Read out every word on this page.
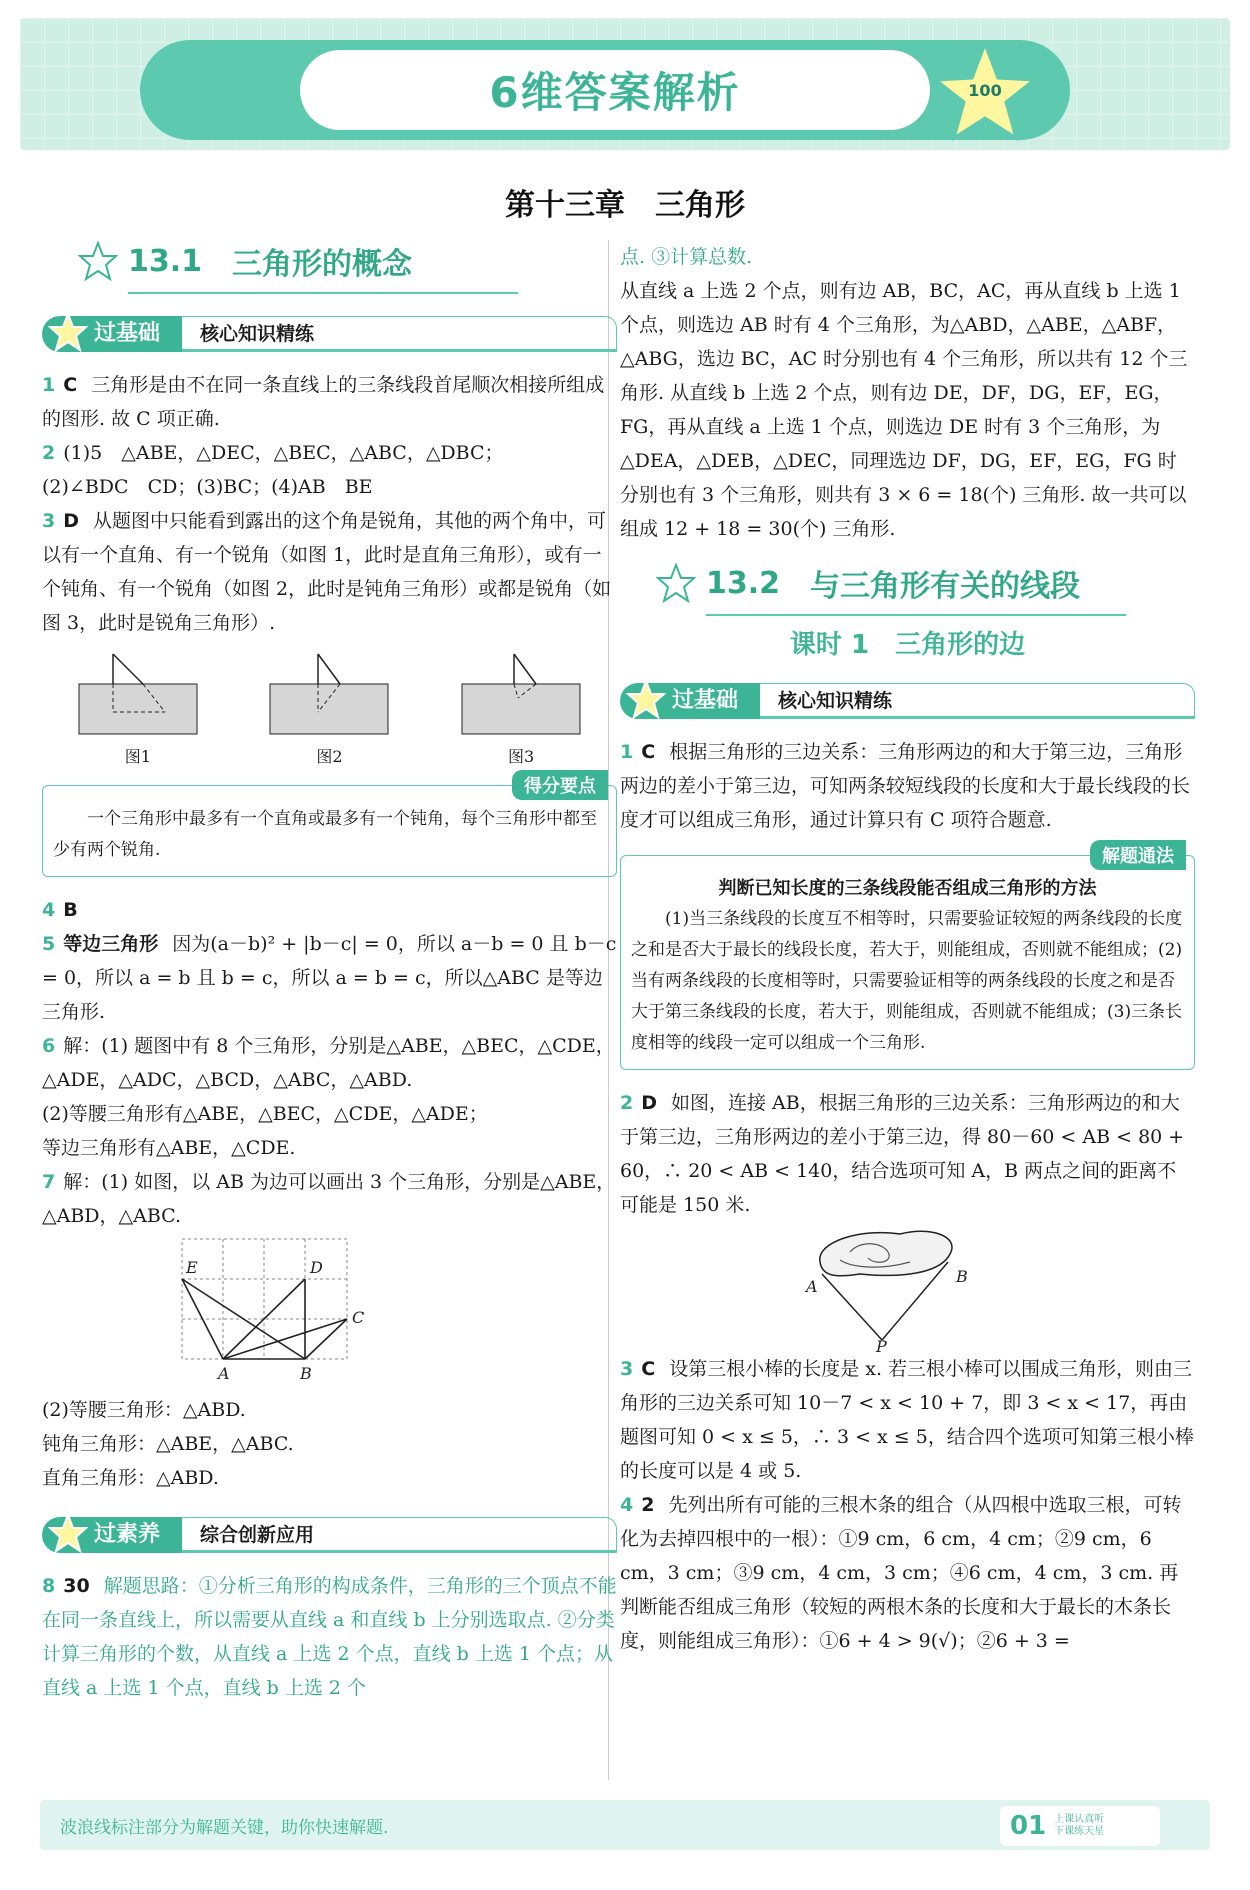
6维答案解析	100
第十三章　三角形
13.1 三角形的概念
过基础	核心知识精练

1 C 三角形是由不在同一条直线上的三条线段首尾顺次相接所组成的图形. 故 C 项正确.

2 (1)5　△ABE，△DEC，△BEC，△ABC，△DBC；
(2)∠BDC　CD；(3)BC；(4)AB　BE

3 D 从题图中只能看到露出的这个角是锐角，其他的两个角中，可以有一个直角、有一个锐角（如图 1，此时是直角三角形），或有一个钝角、有一个锐角（如图 2，此时是钝角三角形）或都是锐角（如图 3，此时是锐角三角形）.

图1	图2	图3
得分要点

一个三角形中最多有一个直角或最多有一个钝角，每个三角形中都至少有两个锐角.

4 B

5 等边三角形 因为(a－b)² + |b－c| = 0，所以 a－b = 0 且 b－c = 0，所以 a = b 且 b = c，所以 a = b = c，所以△ABC 是等边三角形.

6 解：(1) 题图中有 8 个三角形，分别是△ABE，△BEC，△CDE，△ADE，△ADC，△BCD，△ABC，△ABD.
(2)等腰三角形有△ABE，△BEC，△CDE，△ADE；
等边三角形有△ABE，△CDE.

7 解：(1) 如图，以 AB 为边可以画出 3 个三角形，分别是△ABE，△ABD，△ABC.

E	D
C
A	B

(2)等腰三角形：△ABD.
钝角三角形：△ABE，△ABC.
直角三角形：△ABD.

过素养	综合创新应用

8 30 解题思路：①分析三角形的构成条件，三角形的三个顶点不能在同一条直线上，所以需要从直线 a 和直线 b 上分别选取点. ②分类计算三角形的个数，从直线 a 上选 2 个点，直线 b 上选 1 个点；从直线 a 上选 1 个点，直线 b 上选 2 个

点. ③计算总数.

从直线 a 上选 2 个点，则有边 AB，BC，AC，再从直线 b 上选 1 个点，则选边 AB 时有 4 个三角形，为△ABD，△ABE，△ABF，△ABG，选边 BC，AC 时分别也有 4 个三角形，所以共有 12 个三角形. 从直线 b 上选 2 个点，则有边 DE，DF，DG，EF，EG，FG，再从直线 a 上选 1 个点，则选边 DE 时有 3 个三角形，为△DEA，△DEB，△DEC，同理选边 DF，DG，EF，EG，FG 时分别也有 3 个三角形，则共有 3 × 6 = 18(个) 三角形. 故一共可以组成 12 + 18 = 30(个) 三角形.

13.2 与三角形有关的线段
课时 1　三角形的边
过基础	核心知识精练

1 C 根据三角形的三边关系：三角形两边的和大于第三边，三角形两边的差小于第三边，可知两条较短线段的长度和大于最长线段的长度才可以组成三角形，通过计算只有 C 项符合题意.

解题通法
判断已知长度的三条线段能否组成三角形的方法

(1)当三条线段的长度互不相等时，只需要验证较短的两条线段的长度之和是否大于最长的线段长度，若大于，则能组成，否则就不能组成；(2)当有两条线段的长度相等时，只需要验证相等的两条线段的长度之和是否大于第三条线段的长度，若大于，则能组成，否则就不能组成；(3)三条长度相等的线段一定可以组成一个三角形.

2 D 如图，连接 AB，根据三角形的三边关系：三角形两边的和大于第三边，三角形两边的差小于第三边，得 80－60 < AB < 80 + 60，∴ 20 < AB < 140，结合选项可知 A，B 两点之间的距离不可能是 150 米.

A
B
P

3 C 设第三根小棒的长度是 x. 若三根小棒可以围成三角形，则由三角形的三边关系可知 10－7 < x < 10 + 7，即 3 < x < 17，再由题图可知 0 < x ≤ 5，∴ 3 < x ≤ 5，结合四个选项可知第三根小棒的长度可以是 4 或 5.

4 2 先列出所有可能的三根木条的组合（从四根中选取三根，可转化为去掉四根中的一根）：①9 cm，6 cm，4 cm；②9 cm，6 cm，3 cm；③9 cm，4 cm，3 cm；④6 cm，4 cm，3 cm. 再判断能否组成三角形（较短的两根木条的长度和大于最长的木条长度，则能组成三角形）：①6 + 4 > 9(√)；②6 + 3 =

波浪线标注部分为解题关键，助你快速解题.	01 上课认真听
下课练天星
